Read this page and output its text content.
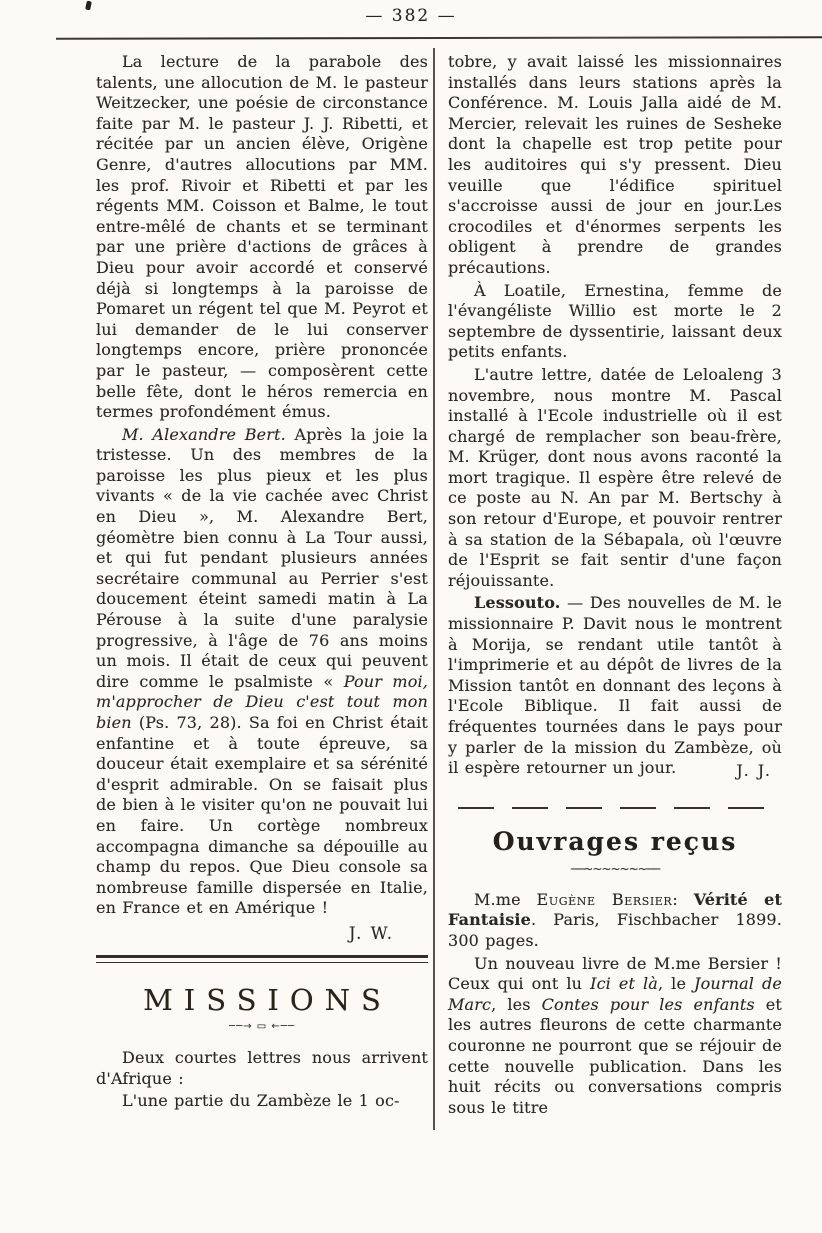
— 382 —

La lecture de la parabole des talents, une allocution de M. le pasteur Weitzecker, une poésie de circonstance faite par M. le pasteur J. J. Ribetti, et récitée par un ancien élève, Origène Genre, d'autres allocutions par MM. les prof. Rivoir et Ribetti et par les régents MM. Coisson et Balme, le tout entre-mêlé de chants et se terminant par une prière d'actions de grâces à Dieu pour avoir accordé et conservé déjà si longtemps à la paroisse de Pomaret un régent tel que M. Peyrot et lui demander de le lui conserver longtemps encore, prière prononcée par le pasteur, — composèrent cette belle fête, dont le héros remercia en termes profondément émus.

M. Alexandre Bert. Après la joie la tristesse. Un des membres de la paroisse les plus pieux et les plus vivants « de la vie cachée avec Christ en Dieu », M. Alexandre Bert, géomètre bien connu à La Tour aussi, et qui fut pendant plusieurs années secrétaire communal au Perrier s'est doucement éteint samedi matin à La Pérouse à la suite d'une paralysie progressive, à l'âge de 76 ans moins un mois. Il était de ceux qui peuvent dire comme le psalmiste « Pour moi, m'approcher de Dieu c'est tout mon bien (Ps. 73, 28). Sa foi en Christ était enfantine et à toute épreuve, sa douceur était exemplaire et sa sérénité d'esprit admirable. On se faisait plus de bien à le visiter qu'on ne pouvait lui en faire. Un cortège nombreux accompagna dimanche sa dépouille au champ du repos. Que Dieu console sa nombreuse famille dispersée en Italie, en France et en Amérique !

J. W.
MISSIONS
──→ ▭ ←──

Deux courtes lettres nous arrivent d'Afrique :

L'une partie du Zambèze le 1 oc-

tobre, y avait laissé les missionnaires installés dans leurs stations après la Conférence. M. Louis Jalla aidé de M. Mercier, relevait les ruines de Sesheke dont la chapelle est trop petite pour les auditoires qui s'y pressent. Dieu veuille que l'édifice spirituel s'accroisse aussi de jour en jour.Les crocodiles et d'énormes serpents les obligent à prendre de grandes précautions.

À Loatile, Ernestina, femme de l'évangéliste Willio est morte le 2 septembre de dyssentirie, laissant deux petits enfants.

L'autre lettre, datée de Leloaleng 3 novembre, nous montre M. Pascal installé à l'Ecole industrielle où il est chargé de remplacher son beau-frère, M. Krüger, dont nous avons raconté la mort tragique. Il espère être relevé de ce poste au N. An par M. Bertschy à son retour d'Europe, et pouvoir rentrer à sa station de la Sébapala, où l'œuvre de l'Esprit se fait sentir d'une façon réjouissante.

Lessouto. — Des nouvelles de M. le missionnaire P. Davit nous le montrent à Morija, se rendant utile tantôt à l'imprimerie et au dépôt de livres de la Mission tantôt en donnant des leçons à l'Ecole Biblique. Il fait aussi de fréquentes tournées dans le pays pour y parler de la mission du Zambèze, où il espère retourner un jour.	J. J.
Ouvrages reçus
──~~~~~~~──

M.me Eugène Bersier: Vérité et Fantaisie. Paris, Fischbacher 1899. 300 pages.

Un nouveau livre de M.me Bersier ! Ceux qui ont lu Ici et là, le Journal de Marc, les Contes pour les enfants et les autres fleurons de cette charmante couronne ne pourront que se réjouir de cette nouvelle publication. Dans les huit récits ou conversations compris sous le titre
